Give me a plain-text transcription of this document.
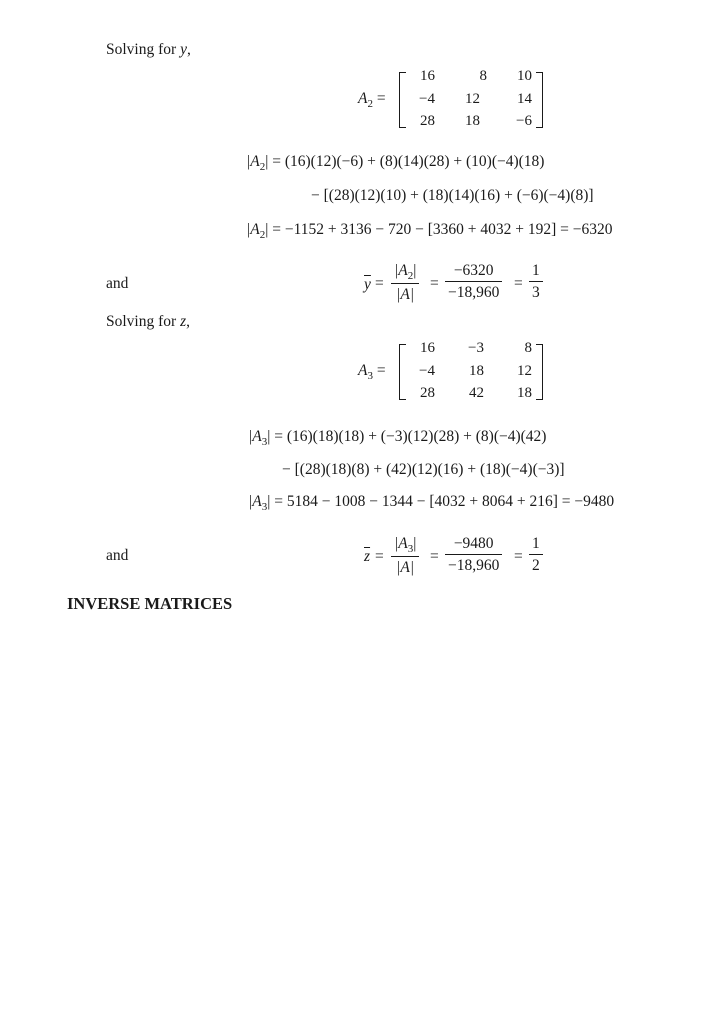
Solving for y,
$A_2$ =
16	8	10
−4	12	14
28	18	−6
$|A_2| = (16)(12)(-6) + (8)(14)(28) + (10)(-4)(18)$
− [(28)(12)(10) + (18)(14)(16) + (−6)(−4)(8)]
$|A_2| = -1152 + 3136 - 720 - [3360 + 4032 + 192] = -6320$
and	$\overline{y} = \frac{|A_2|}{|A|} = \frac{-6320}{-18,960} = \frac{1}{3}$
Solving for z,
$A_3$ =
16	−3	8
−4	18	12
28	42	18
$|A_3| = (16)(18)(18) + (-3)(12)(28) + (8)(-4)(42)$
− [(28)(18)(8) + (42)(12)(16) + (18)(−4)(−3)]
$|A_3| = 5184 - 1008 - 1344 - [4032 + 8064 + 216] = -9480$
and	$\overline{z} = \frac{|A_3|}{|A|} = \frac{-9480}{-18,960} = \frac{1}{2}$
INVERSE MATRICES
